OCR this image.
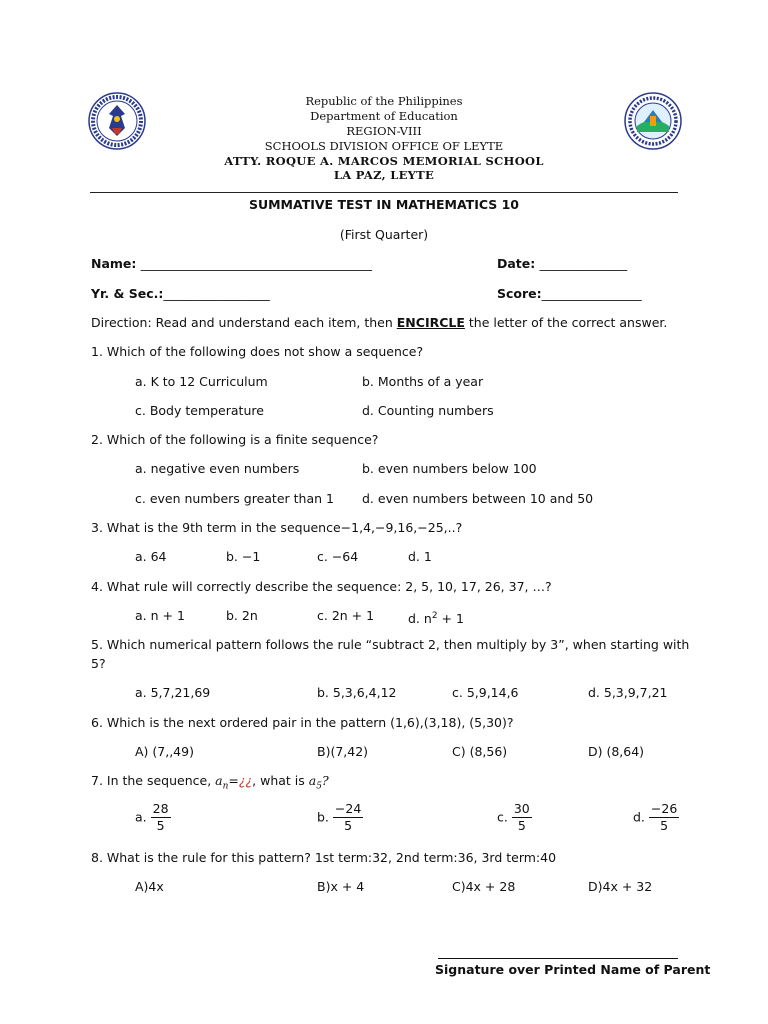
Republic of the Philippines
Department of Education
REGION-VIII
SCHOOLS DIVISION OFFICE OF LEYTE
ATTY. ROQUE A. MARCOS MEMORIAL SCHOOL
LA PAZ, LEYTE
SUMMATIVE TEST IN MATHEMATICS 10
(First Quarter)
Name: _____________________________________	Date: ______________
Yr. & Sec.:_________________	Score:________________
Direction: Read and understand each item, then ENCIRCLE the letter of the correct answer.
1. Which of the following does not show a sequence?
a. K to 12 Curriculum	b. Months of a year
c. Body temperature	d. Counting numbers
2. Which of the following is a finite sequence?
a. negative even numbers	b. even numbers below 100
c. even numbers greater than 1 d. even numbers between 10 and 50
3. What is the 9th term in the sequence−1,4,−9,16,−25,..?
a. 64	b. −1	c. −64	d. 1
4. What rule will correctly describe the sequence: 2, 5, 10, 17, 26, 37, …?
a. n + 1	b. 2n	c. 2n + 1	d. $n^2 + 1$
5. Which numerical pattern follows the rule “subtract 2, then multiply by 3”, when starting with
5?
a. 5,7,21,69	b. 5,3,6,4,12	c. 5,9,14,6	d. 5,3,9,7,21
6. Which is the next ordered pair in the pattern (1,6),(3,18), (5,30)?
A) (7,,49)	B)(7,42)	C) (8,56)	D) (8,64)
7. In the sequence, $a_n=¿¿$, what is $a_5$?
a. $\frac{28}{5}$	b. $\frac{-24}{5}$	c. $\frac{30}{5}$	d. $\frac{-26}{5}$
8. What is the rule for this pattern? 1st term:32, 2nd term:36, 3rd term:40
A)4x	B)x + 4	C)4x + 28	D)4x + 32
Signature over Printed Name of Parent
